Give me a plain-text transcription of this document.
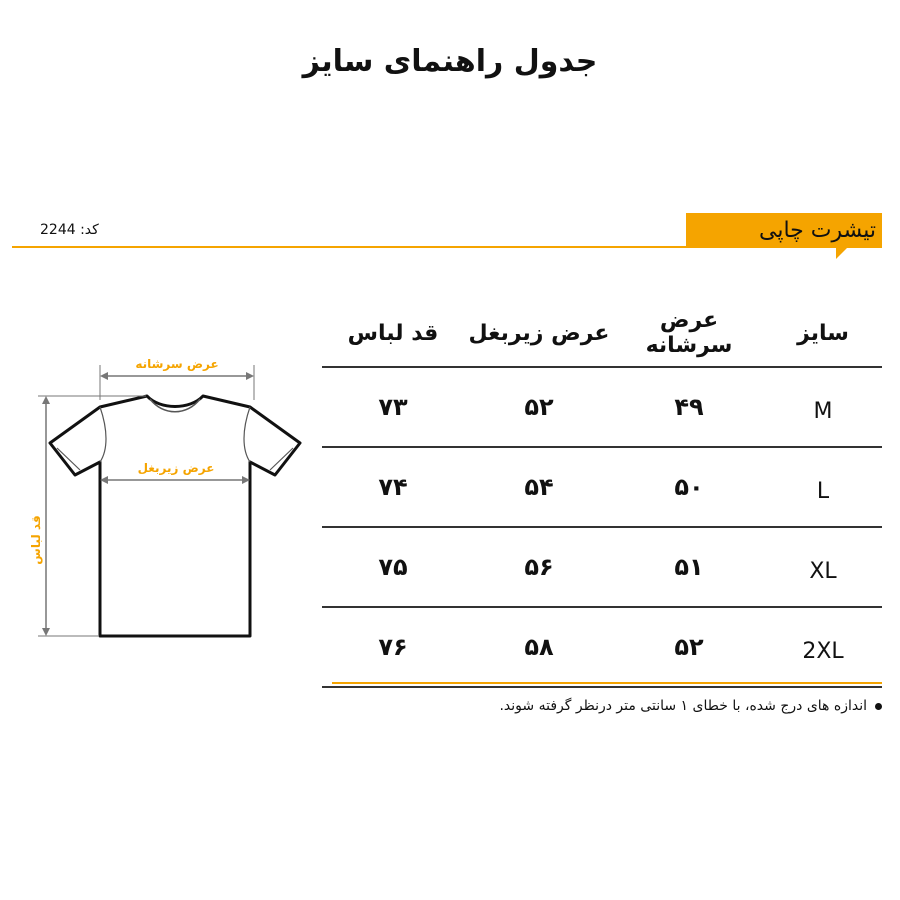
جدول راهنمای سایز
تیشرت چاپی
کد: 2244
عرض سرشانه
عرض زیربغل
قد لباس
سایز	عرض سرشانه	عرض زیربغل	قد لباس
M	۴۹	۵۲	۷۳
L	۵۰	۵۴	۷۴
XL	۵۱	۵۶	۷۵
2XL	۵۲	۵۸	۷۶
اندازه های درج شده، با خطای ۱ سانتی متر درنظر گرفته شوند.
